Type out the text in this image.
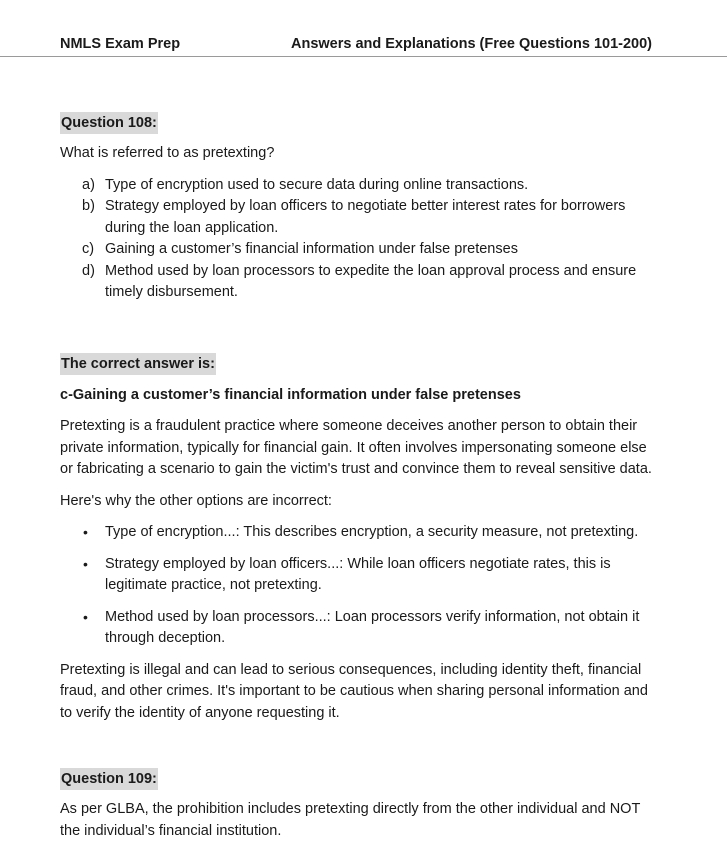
NMLS Exam Prep	Answers and Explanations (Free Questions 101-200)
Question 108:

What is referred to as pretexting?

a) Type of encryption used to secure data during online transactions.
b) Strategy employed by loan officers to negotiate better interest rates for borrowers during the loan application.
c) Gaining a customer’s financial information under false pretenses
d) Method used by loan processors to expedite the loan approval process and ensure timely disbursement.
The correct answer is:

c-Gaining a customer’s financial information under false pretenses

Pretexting is a fraudulent practice where someone deceives another person to obtain their private information, typically for financial gain. It often involves impersonating someone else or fabricating a scenario to gain the victim's trust and convince them to reveal sensitive data.

Here's why the other options are incorrect:

• Type of encryption...: This describes encryption, a security measure, not pretexting.
• Strategy employed by loan officers...: While loan officers negotiate rates, this is legitimate practice, not pretexting.
• Method used by loan processors...: Loan processors verify information, not obtain it through deception.

Pretexting is illegal and can lead to serious consequences, including identity theft, financial fraud, and other crimes. It's important to be cautious when sharing personal information and to verify the identity of anyone requesting it.

Question 109:

As per GLBA, the prohibition includes pretexting directly from the other individual and NOT the individual’s financial institution.
